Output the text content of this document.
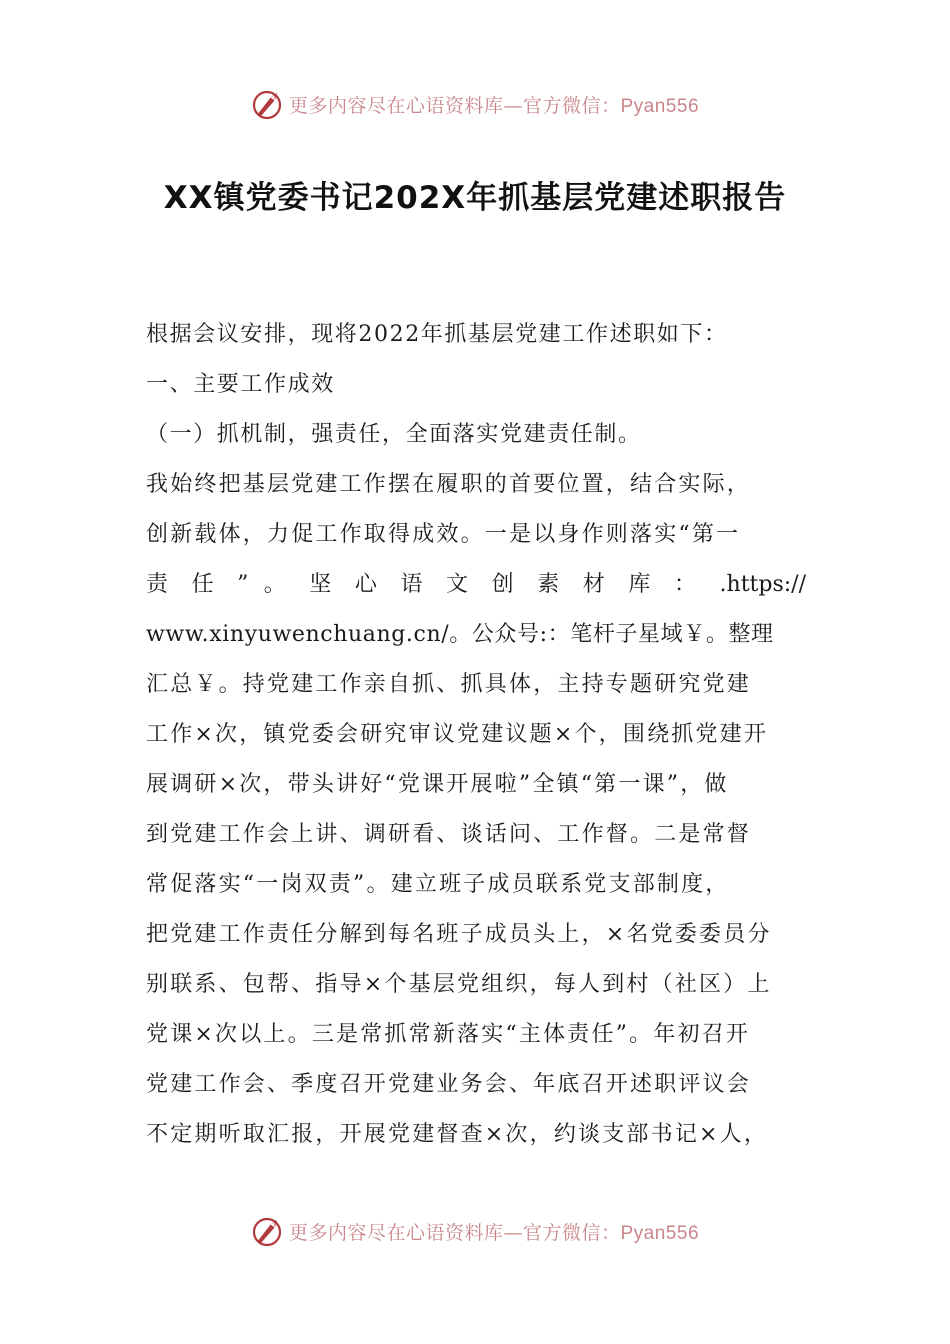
更多内容尽在心语资料库—官方微信：Pyan556
XX镇党委书记202X年抓基层党建述职报告
根据会议安排，现将2022年抓基层党建工作述职如下：
一、主要工作成效
（一）抓机制，强责任，全面落实党建责任制。
我始终把基层党建工作摆在履职的首要位置，结合实际，
创新载体，力促工作取得成效。一是以身作则落实“第一
责 任 ” 。 坚 心 语 文 创 素 材 库 ： .https://
www.xinyuwenchuang.cn/。公众号:：笔杆子星域￥。整理
汇总￥。持党建工作亲自抓、抓具体，主持专题研究党建
工作×次，镇党委会研究审议党建议题×个，围绕抓党建开
展调研×次，带头讲好“党课开展啦”全镇“第一课”，做
到党建工作会上讲、调研看、谈话问、工作督。二是常督
常促落实“一岗双责”。建立班子成员联系党支部制度，
把党建工作责任分解到每名班子成员头上，×名党委委员分
别联系、包帮、指导×个基层党组织，每人到村（社区）上
党课×次以上。三是常抓常新落实“主体责任”。年初召开
党建工作会、季度召开党建业务会、年底召开述职评议会
不定期听取汇报，开展党建督查×次，约谈支部书记×人，
更多内容尽在心语资料库—官方微信：Pyan556
